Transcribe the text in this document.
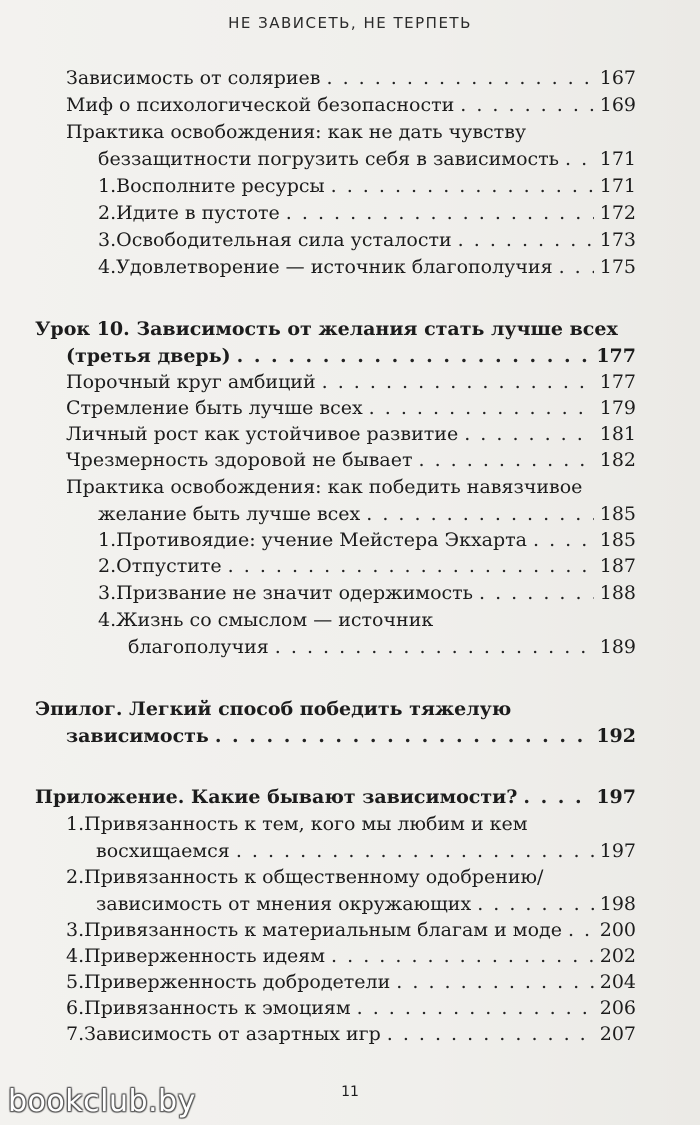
НЕ ЗАВИСЕТЬ, НЕ ТЕРПЕТЬ
Зависимость от соляриев . . .	167
Миф о психологической безопасности . . .	169
Практика освобождения: как не дать чувству
беззащитности погрузить себя в зависимость . . . 171
1. Восполните ресурсы . . .	171
2. Идите в пустоте . . .	172
3. Освободительная сила усталости . . .	173
4. Удовлетворение — источник благополучия . . . 175
Урок 10. Зависимость от желания стать лучше всех
(третья дверь) . . .	177
Порочный круг амбиций . . .	177
Стремление быть лучше всех . . .	179
Личный рост как устойчивое развитие . . .	181
Чрезмерность здоровой не бывает . . .	182
Практика освобождения: как победить навязчивое
желание быть лучше всех . . .	185
1. Противоядие: учение Мейстера Экхарта . . .	185
2. Отпустите . . .	187
3. Призвание не значит одержимость . . .	188
4.Жизнь со смыслом — источник
благополучия . . .	189
Эпилог. Легкий способ победить тяжелую
зависимость . . .	192
Приложение. Какие бывают зависимости? . . .	197
1.Привязанность к тем, кого мы любим и кем
восхищаемся . . .	197
2.Привязанность к общественному одобрению/
зависимость от мнения окружающих . . .	198
3. Привязанность к материальным благам и моде . . . 200
4. Приверженность идеям . . .	202
5. Приверженность добродетели . . .	204
6. Привязанность к эмоциям . . .	206
7. Зависимость от азартных игр . . .	207
11
bookclub.by
